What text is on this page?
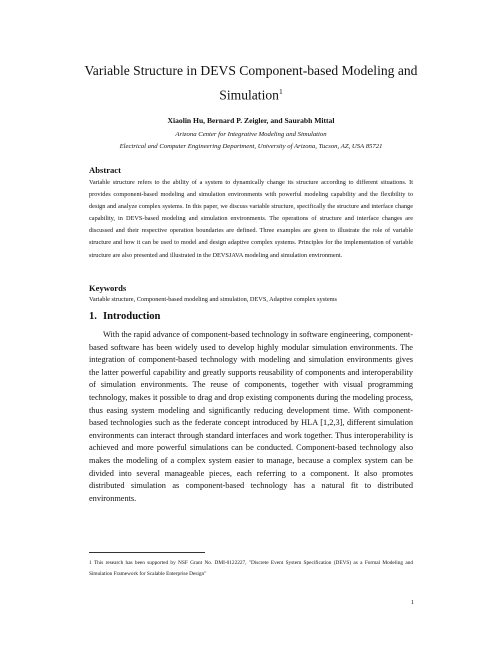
Variable Structure in DEVS Component-based Modeling and Simulation$^1$
Xiaolin Hu, Bernard P. Zeigler, and Saurabh Mittal
Arizona Center for Integrative Modeling and Simulation
Electrical and Computer Engineering Department, University of Arizona, Tucson, AZ, USA 85721
Abstract
Variable structure refers to the ability of a system to dynamically change its structure according to different situations. It provides component-based modeling and simulation environments with powerful modeling capability and the flexibility to design and analyze complex systems. In this paper, we discuss variable structure, specifically the structure and interface change capability, in DEVS-based modeling and simulation environments. The operations of structure and interface changes are discussed and their respective operation boundaries are defined. Three examples are given to illustrate the role of variable structure and how it can be used to model and design adaptive complex systems. Principles for the implementation of variable structure are also presented and illustrated in the DEVSJAVA modeling and simulation environment.
Keywords
Variable structure, Component-based modeling and simulation, DEVS, Adaptive complex systems
1. Introduction
With the rapid advance of component-based technology in software engineering, component-based software has been widely used to develop highly modular simulation environments. The integration of component-based technology with modeling and simulation environments gives the latter powerful capability and greatly supports reusability of components and interoperability of simulation environments. The reuse of components, together with visual programming technology, makes it possible to drag and drop existing components during the modeling process, thus easing system modeling and significantly reducing development time. With component-based technologies such as the federate concept introduced by HLA [1,2,3], different simulation environments can interact through standard interfaces and work together. Thus interoperability is achieved and more powerful simulations can be conducted. Component-based technology also makes the modeling of a complex system easier to manage, because a complex system can be divided into several manageable pieces, each referring to a component. It also promotes distributed simulation as component-based technology has a natural fit to distributed environments.
1 This research has been supported by NSF Grant No. DMI-0122227, "Discrete Event System Specification (DEVS) as a Formal Modeling and Simulation Framework for Scalable Enterprise Design"
1
